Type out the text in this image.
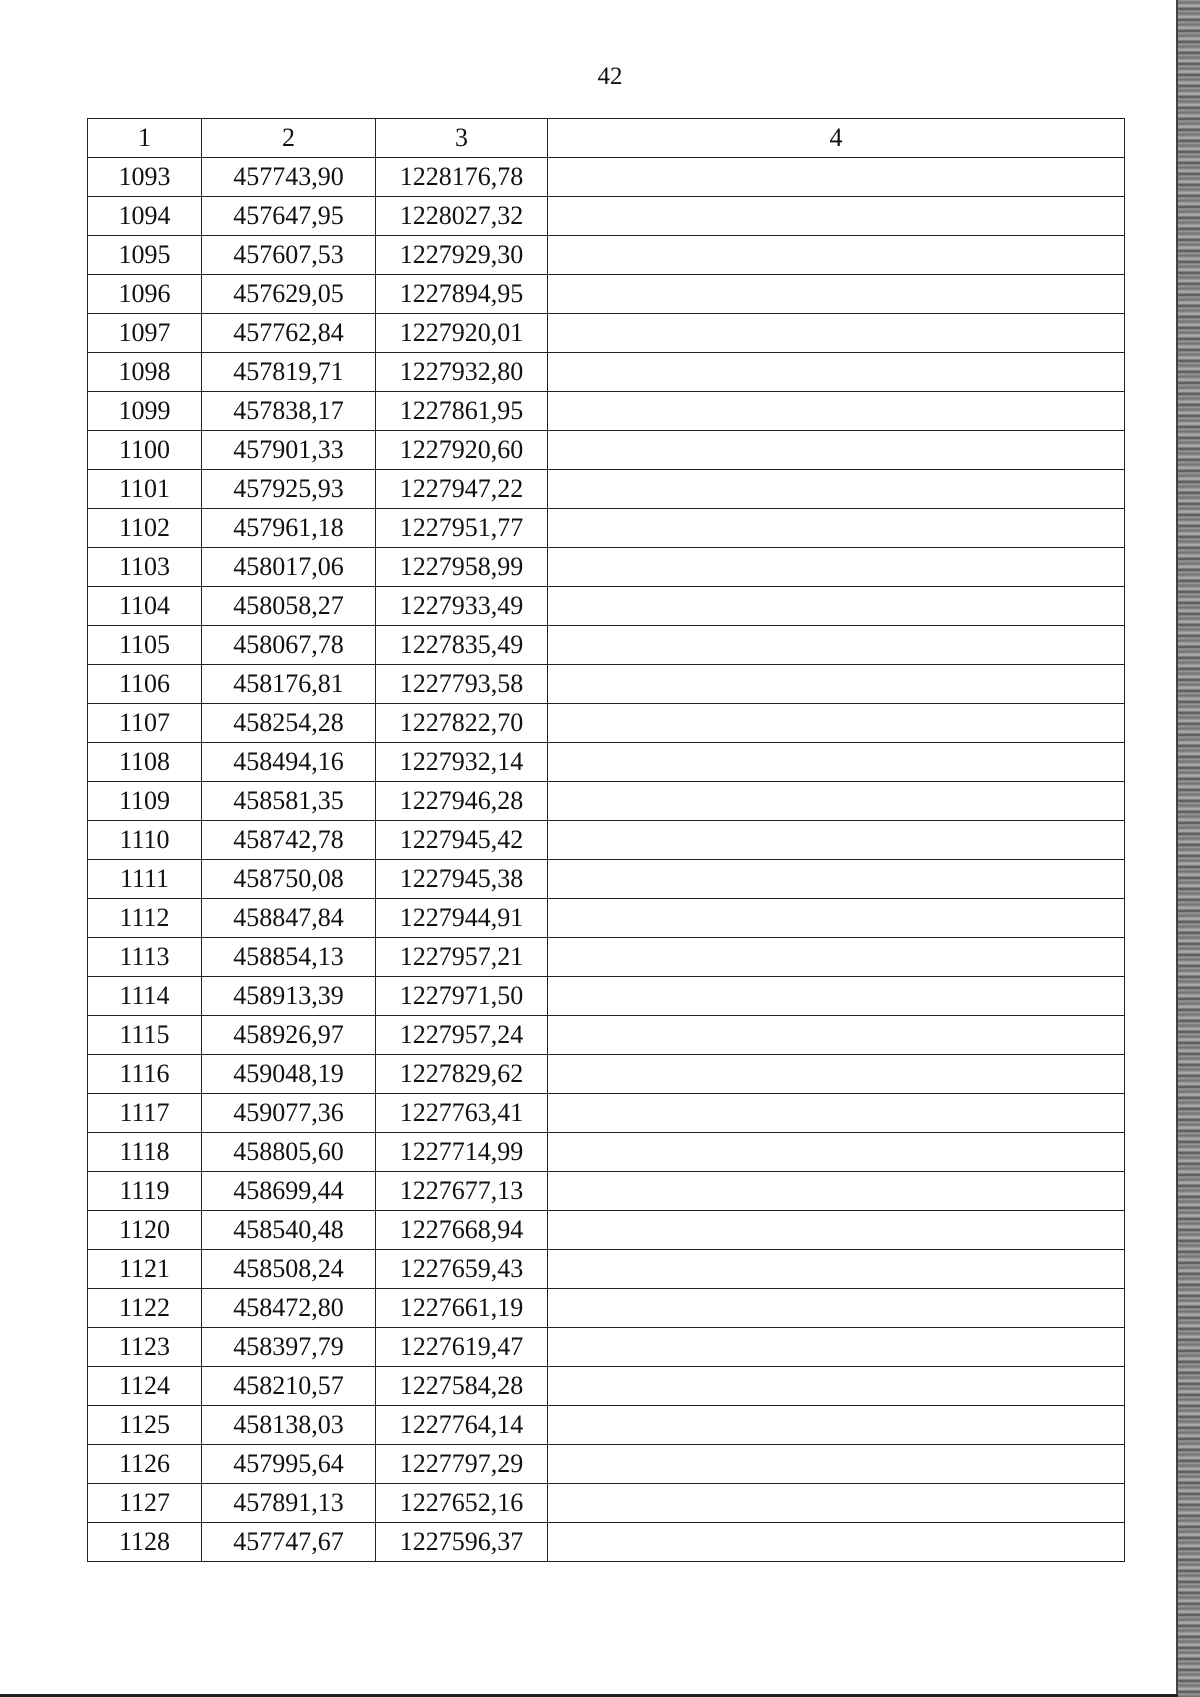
42
1	2	3	4
1093	457743,90	1228176,78	
1094	457647,95	1228027,32	
1095	457607,53	1227929,30	
1096	457629,05	1227894,95	
1097	457762,84	1227920,01	
1098	457819,71	1227932,80	
1099	457838,17	1227861,95	
1100	457901,33	1227920,60	
1101	457925,93	1227947,22	
1102	457961,18	1227951,77	
1103	458017,06	1227958,99	
1104	458058,27	1227933,49	
1105	458067,78	1227835,49	
1106	458176,81	1227793,58	
1107	458254,28	1227822,70	
1108	458494,16	1227932,14	
1109	458581,35	1227946,28	
1110	458742,78	1227945,42	
1111	458750,08	1227945,38	
1112	458847,84	1227944,91	
1113	458854,13	1227957,21	
1114	458913,39	1227971,50	
1115	458926,97	1227957,24	
1116	459048,19	1227829,62	
1117	459077,36	1227763,41	
1118	458805,60	1227714,99	
1119	458699,44	1227677,13	
1120	458540,48	1227668,94	
1121	458508,24	1227659,43	
1122	458472,80	1227661,19	
1123	458397,79	1227619,47	
1124	458210,57	1227584,28	
1125	458138,03	1227764,14	
1126	457995,64	1227797,29	
1127	457891,13	1227652,16	
1128	457747,67	1227596,37	
